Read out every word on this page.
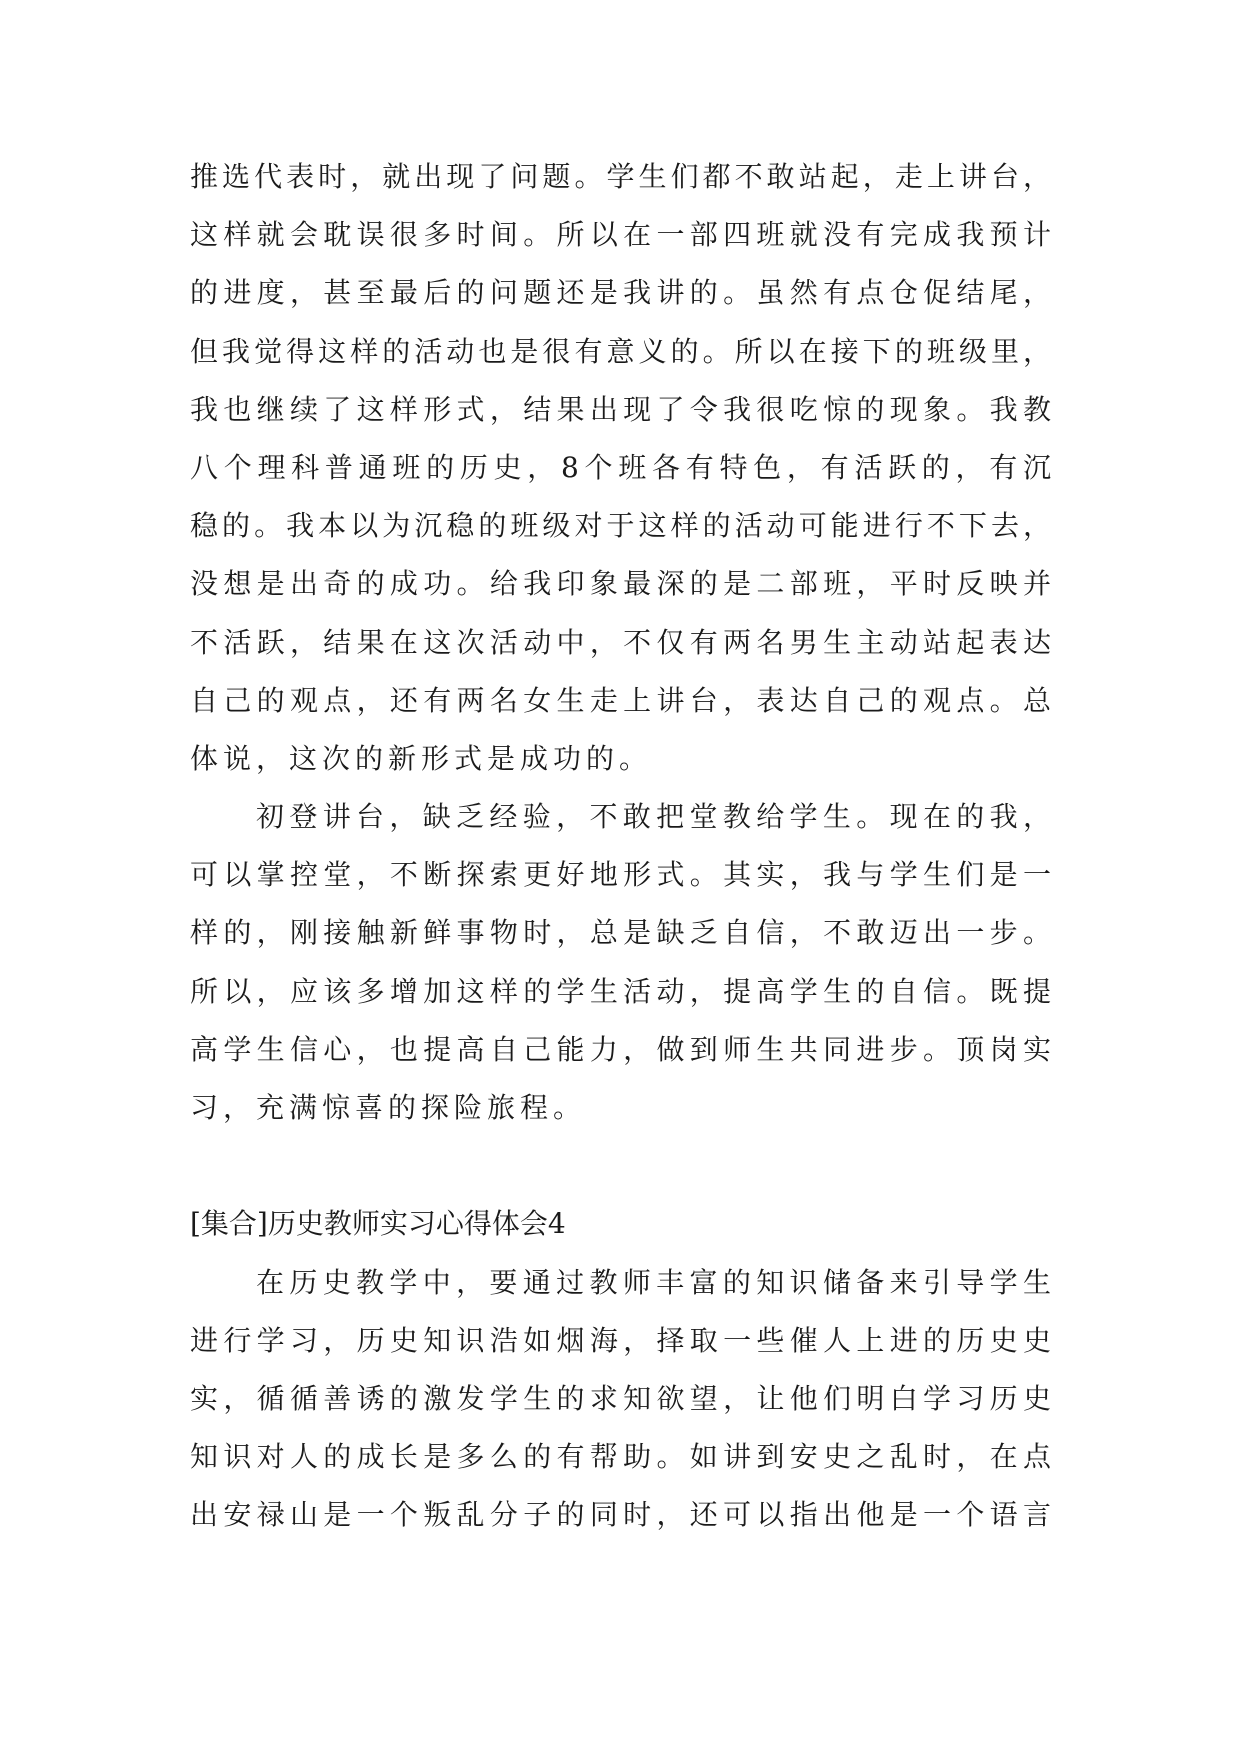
推选代表时，就出现了问题。学生们都不敢站起，走上讲台，
这样就会耽误很多时间。所以在一部四班就没有完成我预计
的进度，甚至最后的问题还是我讲的。虽然有点仓促结尾，
但我觉得这样的活动也是很有意义的。所以在接下的班级里，
我也继续了这样形式，结果出现了令我很吃惊的现象。我教
八个理科普通班的历史，8个班各有特色，有活跃的，有沉
稳的。我本以为沉稳的班级对于这样的活动可能进行不下去，
没想是出奇的成功。给我印象最深的是二部班，平时反映并
不活跃，结果在这次活动中，不仅有两名男生主动站起表达
自己的观点，还有两名女生走上讲台，表达自己的观点。总
体说，这次的新形式是成功的。
初登讲台，缺乏经验，不敢把堂教给学生。现在的我，
可以掌控堂，不断探索更好地形式。其实，我与学生们是一
样的，刚接触新鲜事物时，总是缺乏自信，不敢迈出一步。
所以，应该多增加这样的学生活动，提高学生的自信。既提
高学生信心，也提高自己能力，做到师生共同进步。顶岗实
习，充满惊喜的探险旅程。
[集合]历史教师实习心得体会4
在历史教学中，要通过教师丰富的知识储备来引导学生
进行学习，历史知识浩如烟海，择取一些催人上进的历史史
实，循循善诱的激发学生的求知欲望，让他们明白学习历史
知识对人的成长是多么的有帮助。如讲到安史之乱时，在点
出安禄山是一个叛乱分子的同时，还可以指出他是一个语言
